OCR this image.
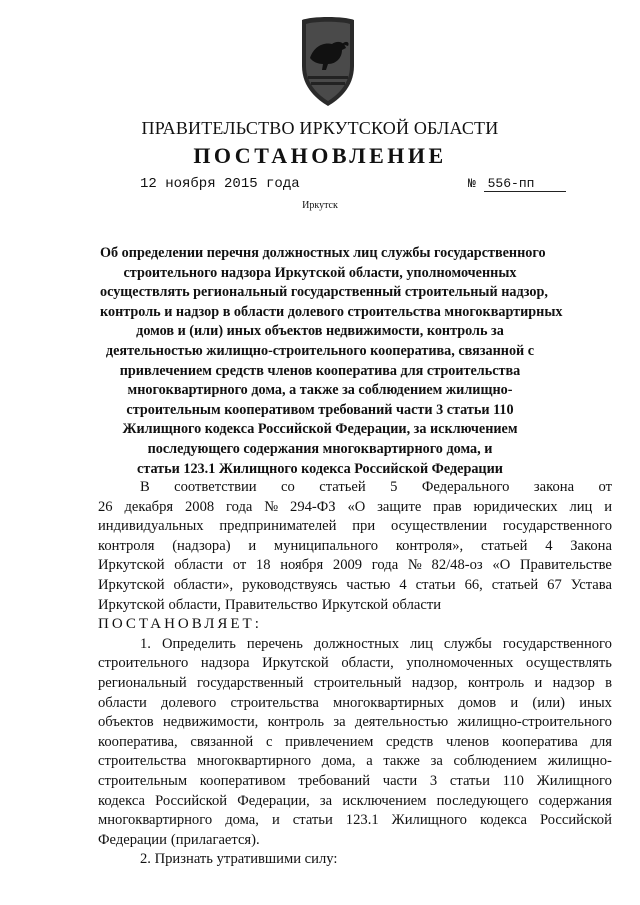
ПРАВИТЕЛЬСТВО ИРКУТСКОЙ ОБЛАСТИ
ПОСТАНОВЛЕНИЕ
12 ноября 2015 года	№ 556-пп
Иркутск
Об определении перечня должностных лиц службы государственного
строительного надзора Иркутской области, уполномоченных
осуществлять региональный государственный строительный надзор,
контроль и надзор в области долевого строительства многоквартирных
домов и (или) иных объектов недвижимости, контроль за
деятельностью жилищно-строительного кооператива, связанной с
привлечением средств членов кооператива для строительства
многоквартирного дома, а также за соблюдением жилищно-
строительным кооперативом требований части 3 статьи 110
Жилищного кодекса Российской Федерации, за исключением
последующего содержания многоквартирного дома, и
статьи 123.1 Жилищного кодекса Российской Федерации
В соответствии со статьей 5 Федерального закона от
26 декабря 2008 года № 294-ФЗ «О защите прав юридических лиц и
индивидуальных предпринимателей при осуществлении государственного
контроля (надзора) и муниципального контроля», статьей 4 Закона
Иркутской области от 18 ноября 2009 года № 82/48-оз «О Правительстве
Иркутской области», руководствуясь частью 4 статьи 66, статьей 67 Устава
Иркутской области, Правительство Иркутской области
ПОСТАНОВЛЯЕТ:
1. Определить перечень должностных лиц службы государственного
строительного надзора Иркутской области, уполномоченных осуществлять
региональный государственный строительный надзор, контроль и надзор в
области долевого строительства многоквартирных домов и (или) иных
объектов недвижимости, контроль за деятельностью жилищно-строительного
кооператива, связанной с привлечением средств членов кооператива для
строительства многоквартирного дома, а также за соблюдением жилищно-
строительным кооперативом требований части 3 статьи 110 Жилищного
кодекса Российской Федерации, за исключением последующего содержания
многоквартирного дома, и статьи 123.1 Жилищного кодекса Российской
Федерации (прилагается).
2. Признать утратившими силу:
